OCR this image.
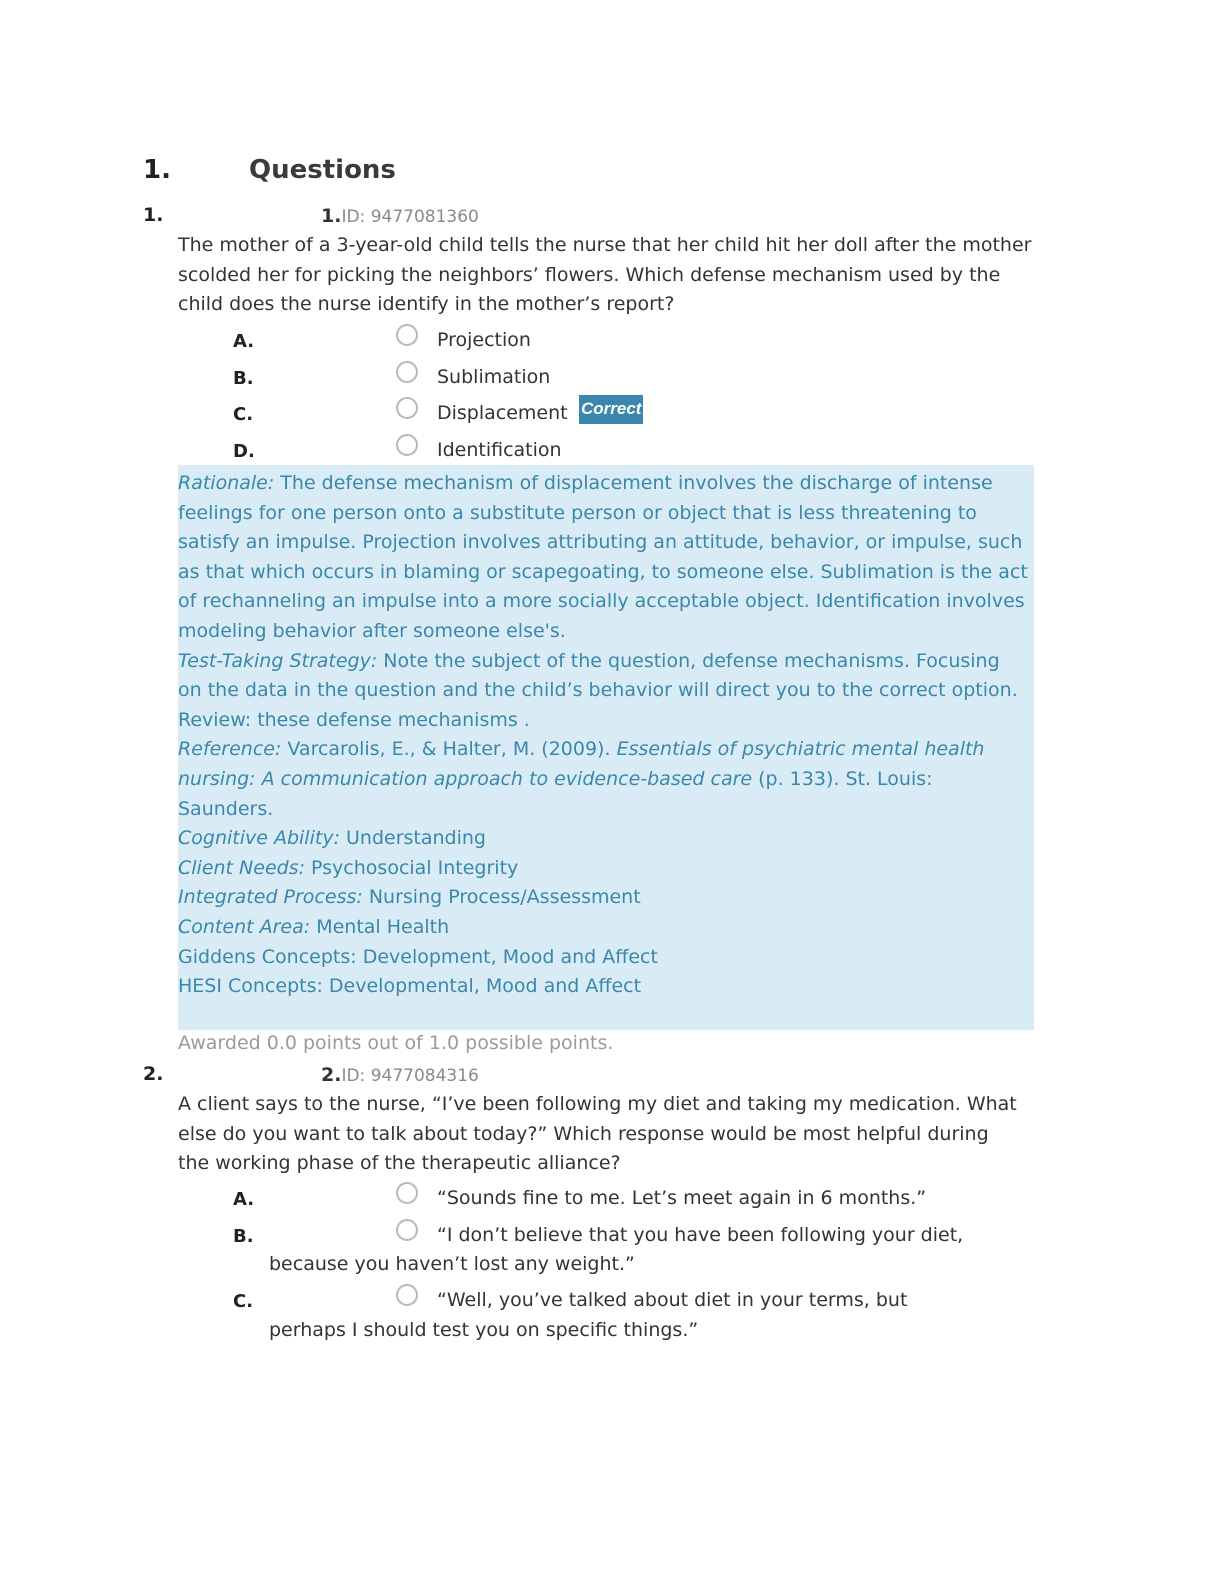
1.	Questions
1.	1.ID: 9477081360
The mother of a 3-year-old child tells the nurse that her child hit her doll after the mother scolded her for picking the neighbors’ flowers. Which defense mechanism used by the child does the nurse identify in the mother’s report?
A.	Projection
B.	Sublimation
C.	Displacement Correct
D.	Identification

Rationale: The defense mechanism of displacement involves the discharge of intense feelings for one person onto a substitute person or object that is less threatening to satisfy an impulse. Projection involves attributing an attitude, behavior, or impulse, such as that which occurs in blaming or scapegoating, to someone else. Sublimation is the act of rechanneling an impulse into a more socially acceptable object. Identification involves modeling behavior after someone else's.

Test-Taking Strategy: Note the subject of the question, defense mechanisms. Focusing on the data in the question and the child’s behavior will direct you to the correct option. Review: these defense mechanisms .

Reference: Varcarolis, E., & Halter, M. (2009). Essentials of psychiatric mental health nursing: A communication approach to evidence-based care (p. 133). St. Louis: Saunders.

Cognitive Ability: Understanding

Client Needs: Psychosocial Integrity

Integrated Process: Nursing Process/Assessment

Content Area: Mental Health

Giddens Concepts: Development, Mood and Affect

HESI Concepts: Developmental, Mood and Affect

Awarded 0.0 points out of 1.0 possible points.
2.	2.ID: 9477084316
A client says to the nurse, “I’ve been following my diet and taking my medication. What else do you want to talk about today?” Which response would be most helpful during the working phase of the therapeutic alliance?
A.	“Sounds fine to me. Let’s meet again in 6 months.”
B.	“I don’t believe that you have been following your diet,
because you haven’t lost any weight.”
C.	“Well, you’ve talked about diet in your terms, but
perhaps I should test you on specific things.”
